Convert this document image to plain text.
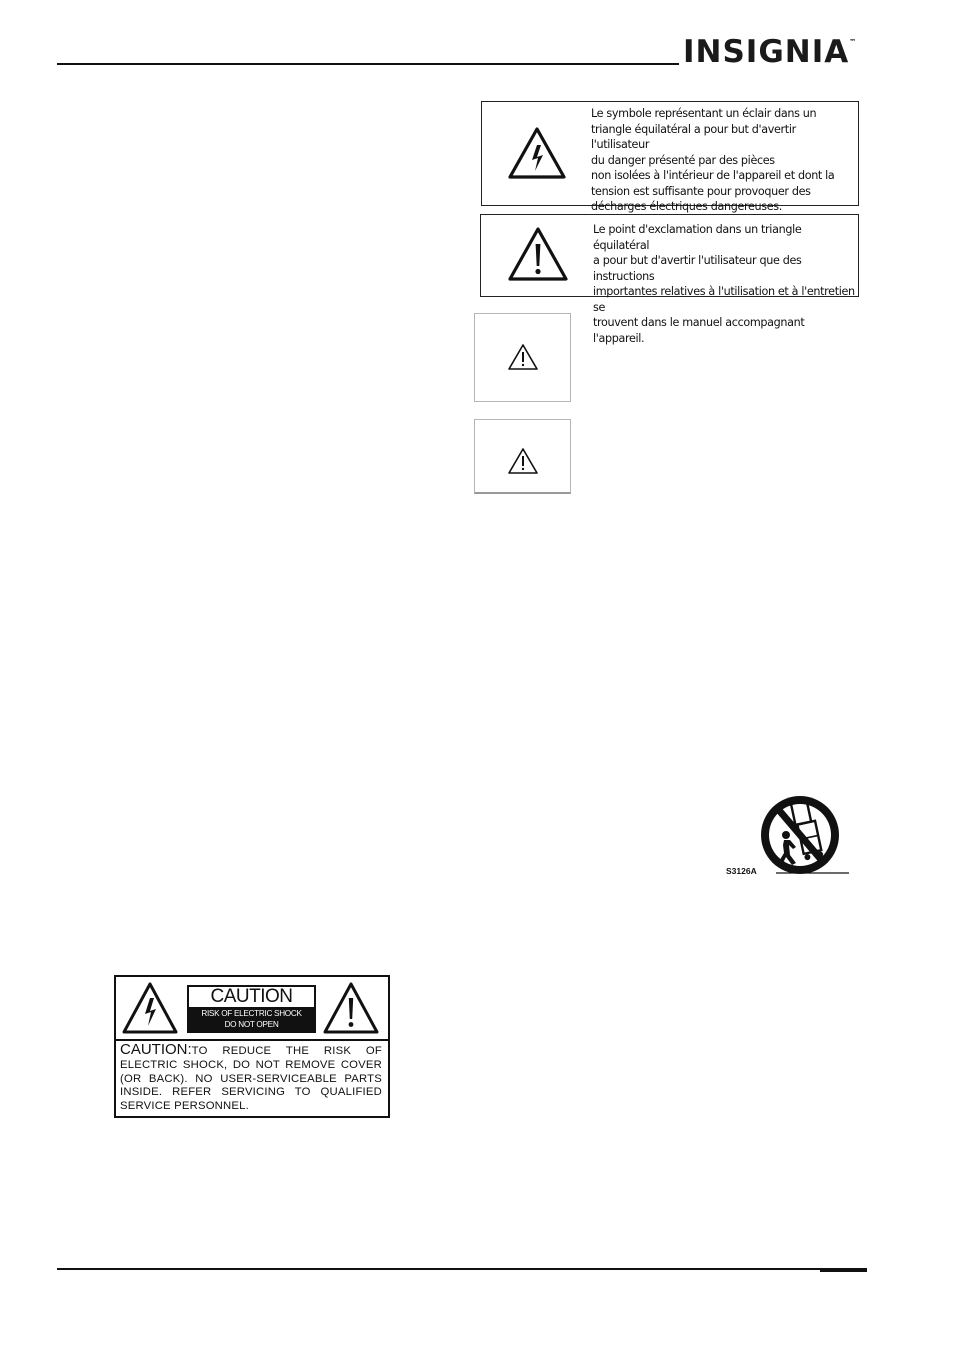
INSIGNIA™
Le symbole représentant un éclair dans un
triangle équilatéral a pour but d'avertir l'utilisateur
du danger présenté par des pièces
non isolées à l'intérieur de l'appareil et dont la
tension est suffisante pour provoquer des
décharges électriques dangereuses.
Le point d'exclamation dans un triangle équilatéral
a pour but d'avertir l'utilisateur que des instructions
importantes relatives à l'utilisation et à l'entretien se
trouvent dans le manuel accompagnant l'appareil.
S3126A
CAUTION
RISK OF ELECTRIC SHOCK
DO NOT OPEN
CAUTION:TO REDUCE THE RISK OF ELECTRIC SHOCK, DO NOT REMOVE COVER (OR BACK). NO USER-SERVICEABLE PARTS INSIDE. REFER SERVICING TO QUALIFIED SERVICE PERSONNEL.
